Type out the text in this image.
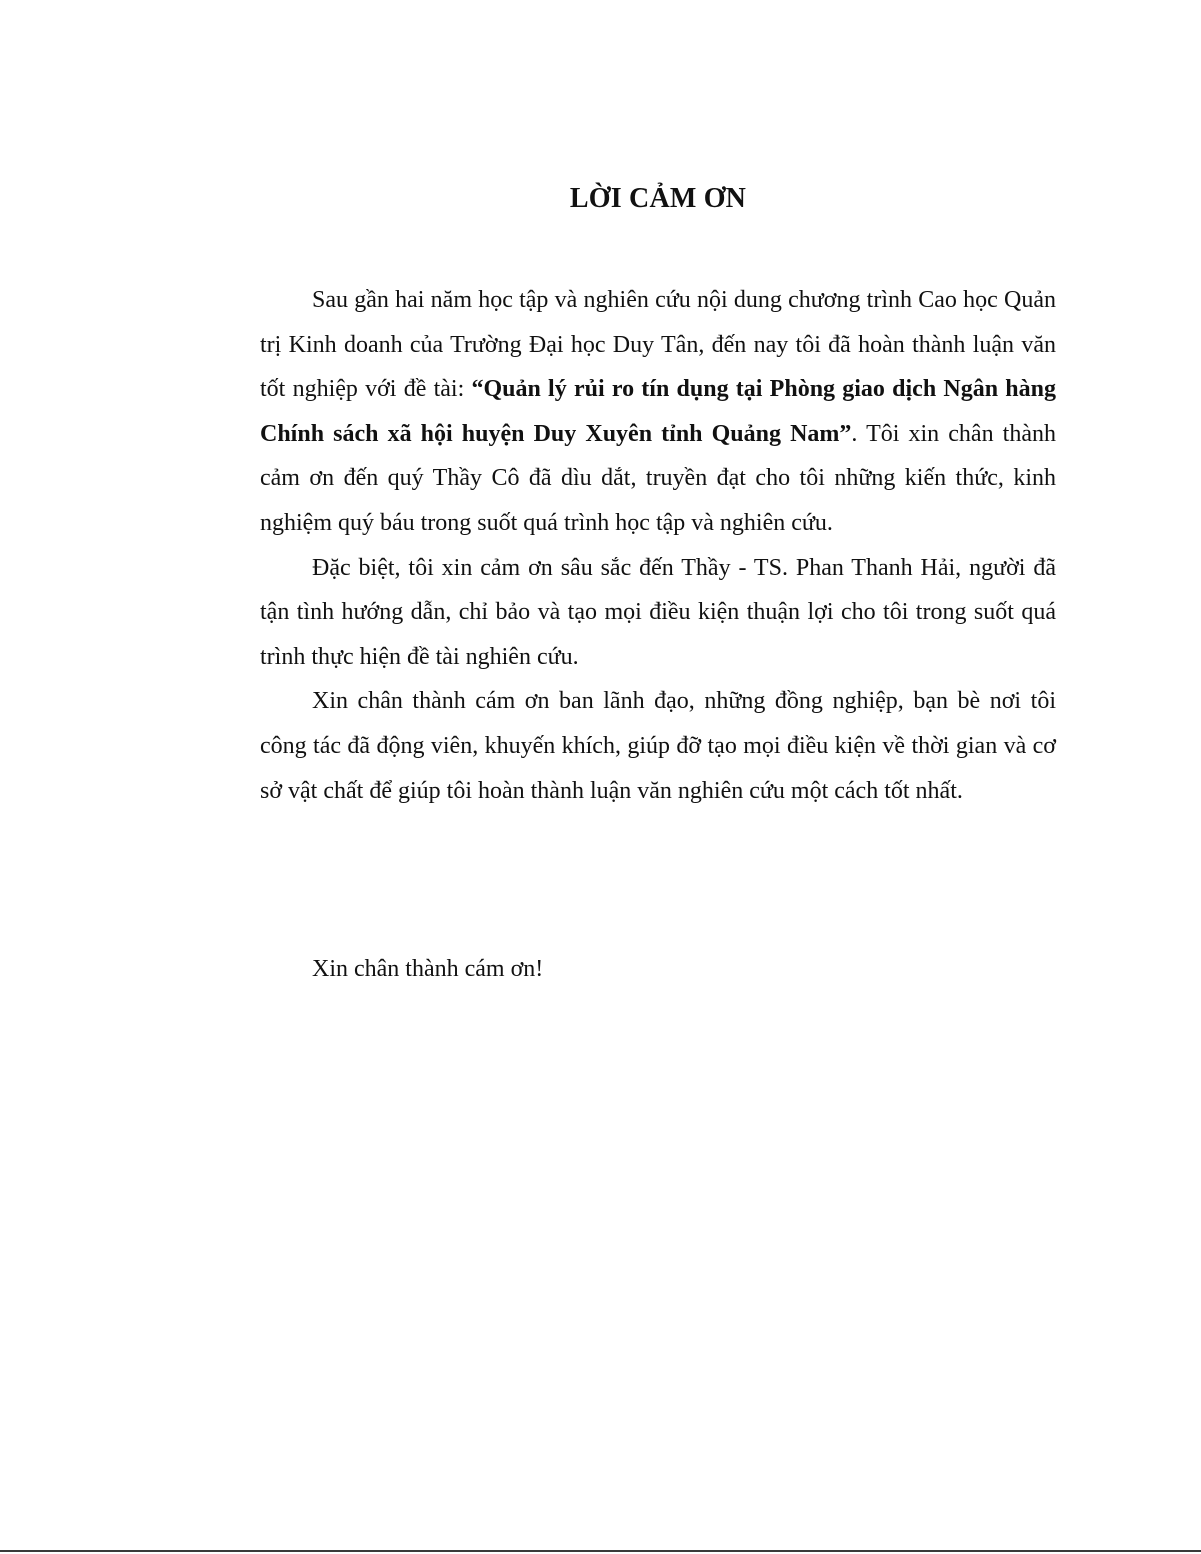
LỜI CẢM ƠN

Sau gần hai năm học tập và nghiên cứu nội dung chương trình Cao học Quản trị Kinh doanh của Trường Đại học Duy Tân, đến nay tôi đã hoàn thành luận văn tốt nghiệp với đề tài: “Quản lý rủi ro tín dụng tại Phòng giao dịch Ngân hàng Chính sách xã hội huyện Duy Xuyên tỉnh Quảng Nam”. Tôi xin chân thành cảm ơn đến quý Thầy Cô đã dìu dắt, truyền đạt cho tôi những kiến thức, kinh nghiệm quý báu trong suốt quá trình học tập và nghiên cứu.

Đặc biệt, tôi xin cảm ơn sâu sắc đến Thầy - TS. Phan Thanh Hải, người đã tận tình hướng dẫn, chỉ bảo và tạo mọi điều kiện thuận lợi cho tôi trong suốt quá trình thực hiện đề tài nghiên cứu.

Xin chân thành cám ơn ban lãnh đạo, những đồng nghiệp, bạn bè nơi tôi công tác đã động viên, khuyến khích, giúp đỡ tạo mọi điều kiện về thời gian và cơ sở vật chất để giúp tôi hoàn thành luận văn nghiên cứu một cách tốt nhất.

Xin chân thành cám ơn!
